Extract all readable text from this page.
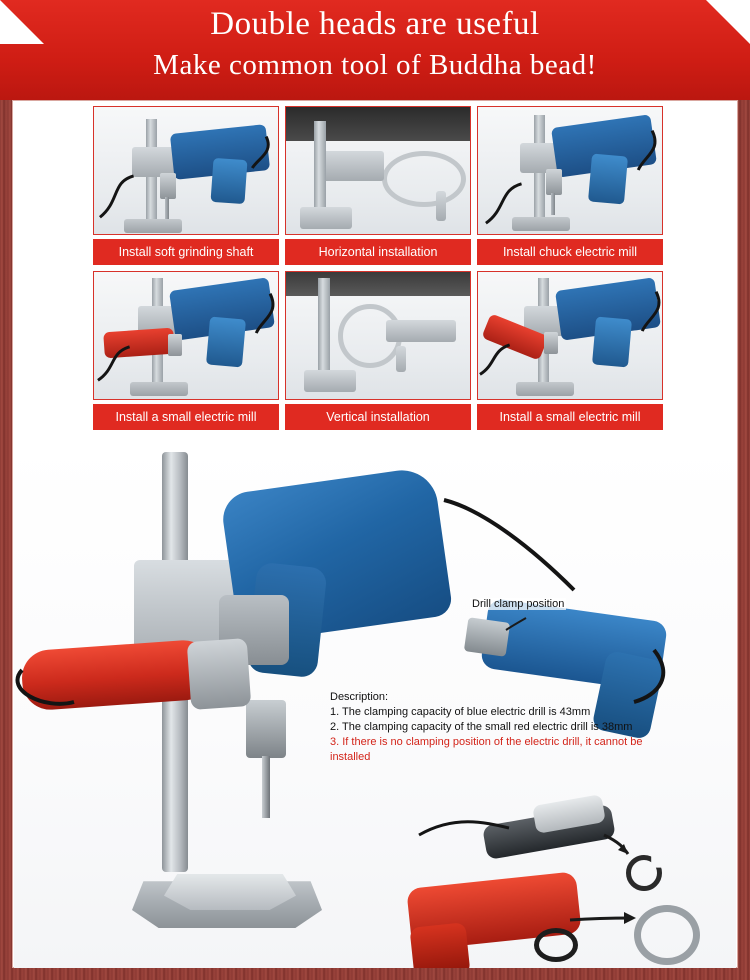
Double heads are useful
Make common tool of Buddha bead!
Install soft grinding shaft	Horizontal installation	Install chuck electric mill
Install a small electric mill	Vertical installation	Install a small electric mill
Drill clamp position
Description:
1. The clamping capacity of blue electric drill is 43mm
2. The clamping capacity of the small red electric drill is 38mm
3. If there is no clamping position of the electric drill, it cannot be installed
